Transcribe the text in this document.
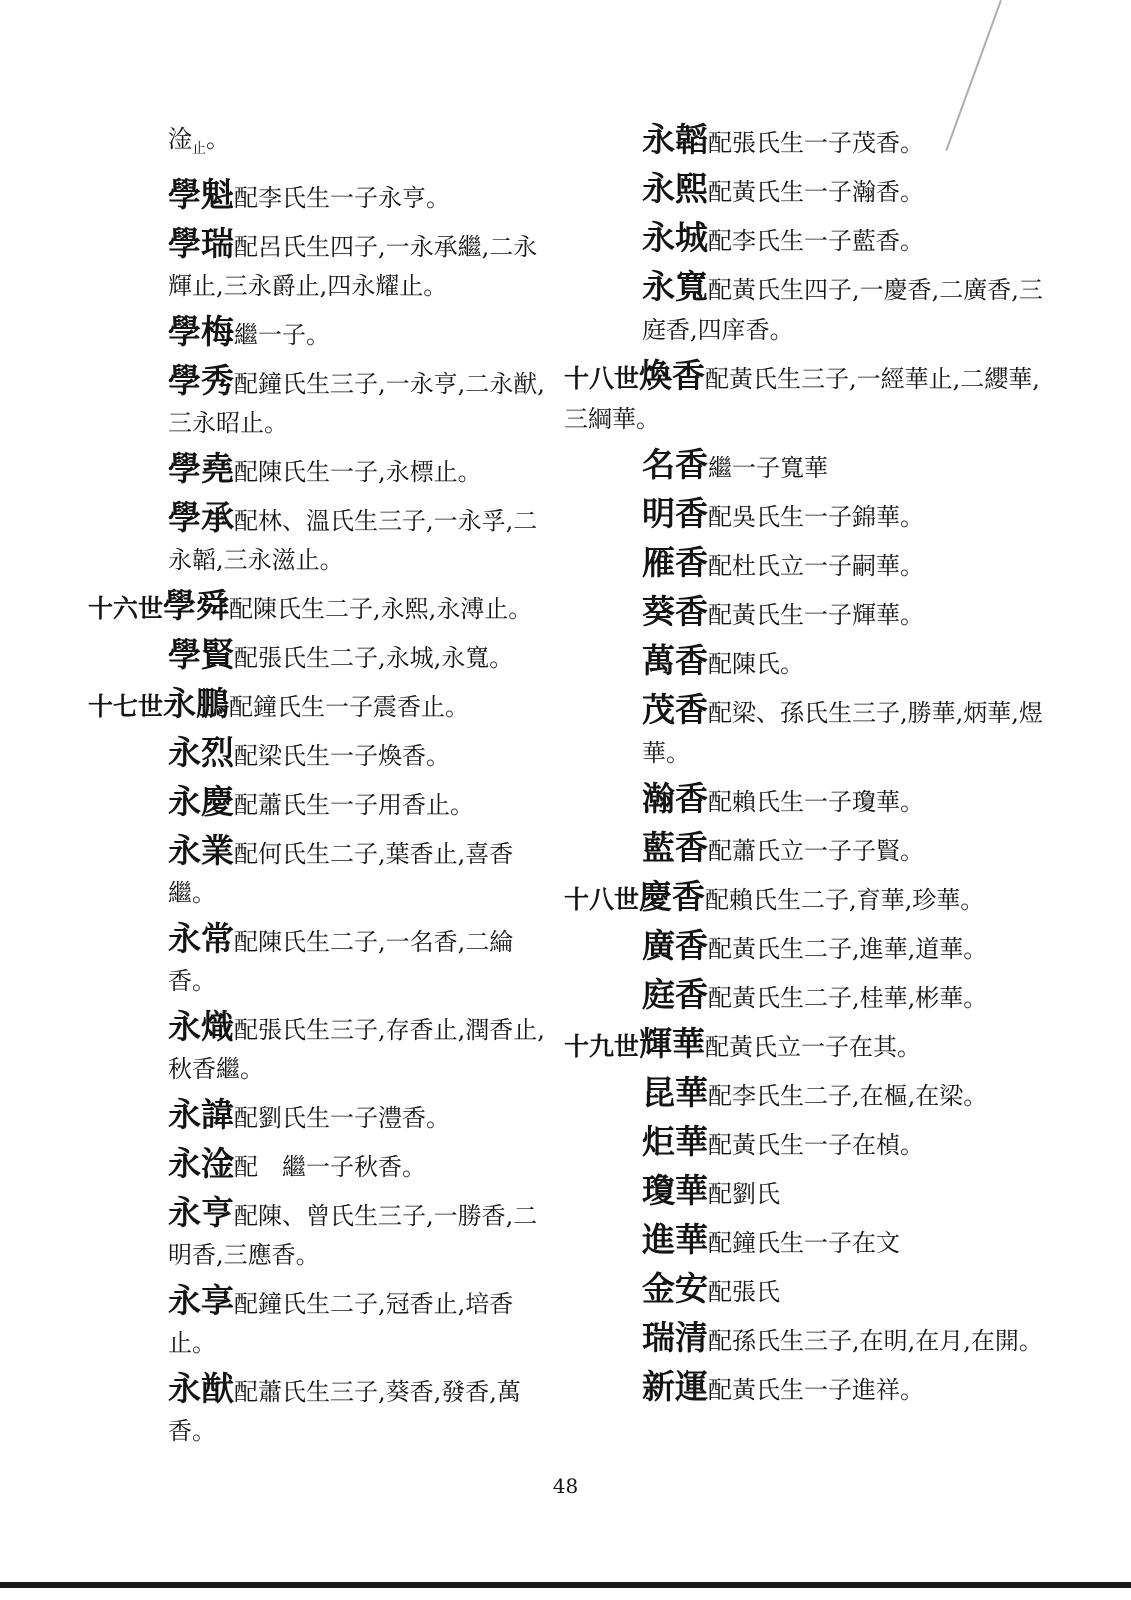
淦$_止$。
學魁配李氏生一子永亨。
學瑞配呂氏生四子,一永承繼,二永輝止,三永爵止,四永耀止。
學梅繼一子。
學秀配鐘氏生三子,一永亨,二永猷,三永昭止。
學堯配陳氏生一子,永標止。
學承配林、溫氏生三子,一永孚,二永韜,三永滋止。
十六世學舜配陳氏生二子,永熙,永溥止。
學賢配張氏生二子,永城,永寬。
十七世永鵬配鐘氏生一子震香止。
永烈配梁氏生一子煥香。
永慶配蕭氏生一子用香止。
永業配何氏生二子,葉香止,喜香繼。
永常配陳氏生二子,一名香,二綸香。
永熾配張氏生三子,存香止,潤香止,秋香繼。
永諱配劉氏生一子澧香。
永淦配　繼一子秋香。
永亨配陳、曾氏生三子,一勝香,二明香,三應香。
永享配鐘氏生二子,冠香止,培香止。
永猷配蕭氏生三子,葵香,發香,萬香。
永韜配張氏生一子茂香。
永熙配黃氏生一子瀚香。
永城配李氏生一子藍香。
永寬配黃氏生四子,一慶香,二廣香,三庭香,四庠香。
十八世煥香配黃氏生三子,一經華止,二纓華,三綱華。
名香繼一子寬華
明香配吳氏生一子錦華。
雁香配杜氏立一子嗣華。
葵香配黃氏生一子輝華。
萬香配陳氏。
茂香配梁、孫氏生三子,勝華,炳華,煜華。
瀚香配賴氏生一子瓊華。
藍香配蕭氏立一子子賢。
十八世慶香配賴氏生二子,育華,珍華。
廣香配黃氏生二子,進華,道華。
庭香配黃氏生二子,桂華,彬華。
十九世輝華配黃氏立一子在其。
昆華配李氏生二子,在樞,在梁。
炬華配黃氏生一子在楨。
瓊華配劉氏
進華配鐘氏生一子在文
金安配張氏
瑞清配孫氏生三子,在明,在月,在開。
新運配黃氏生一子進祥。
48
